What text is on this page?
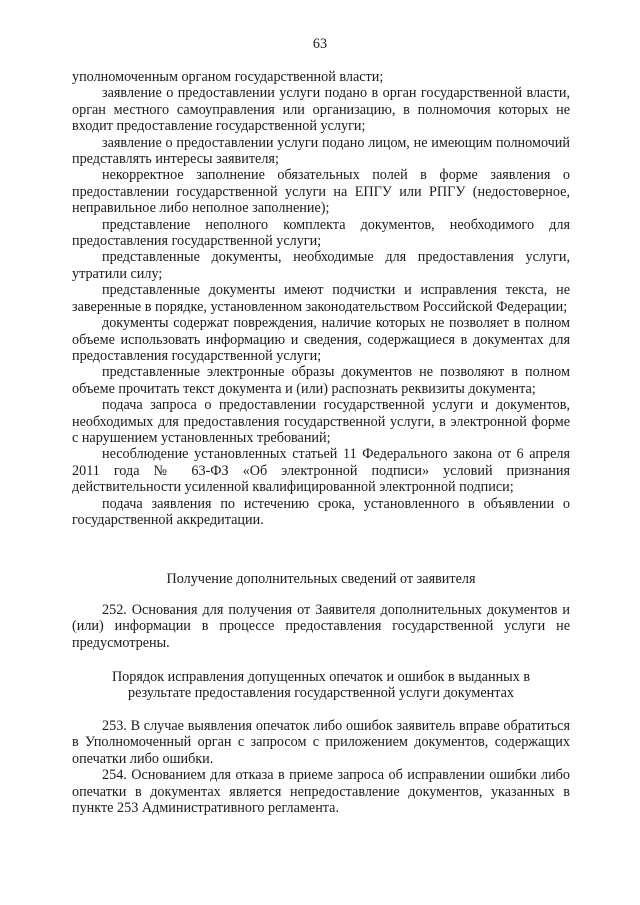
63

уполномоченным органом государственной власти;

заявление о предоставлении услуги подано в орган государственной власти, орган местного самоуправления или организацию, в полномочия которых не входит предоставление государственной услуги;

заявление о предоставлении услуги подано лицом, не имеющим полномочий представлять интересы заявителя;

некорректное заполнение обязательных полей в форме заявления о предоставлении государственной услуги на ЕПГУ или РПГУ (недостоверное, неправильное либо неполное заполнение);

представление неполного комплекта документов, необходимого для предоставления государственной услуги;

представленные документы, необходимые для предоставления услуги, утратили силу;

представленные документы имеют подчистки и исправления текста, не заверенные в порядке, установленном законодательством Российской Федерации;

документы содержат повреждения, наличие которых не позволяет в полном объеме использовать информацию и сведения, содержащиеся в документах для предоставления государственной услуги;

представленные электронные образы документов не позволяют в полном объеме прочитать текст документа и (или) распознать реквизиты документа;

подача запроса о предоставлении государственной услуги и документов, необходимых для предоставления государственной услуги, в электронной форме с нарушением установленных требований;

несоблюдение установленных статьей 11 Федерального закона от 6 апреля 2011 года № 63-ФЗ «Об электронной подписи» условий признания действительности усиленной квалифицированной электронной подписи;

подача заявления по истечению срока, установленного в объявлении о государственной аккредитации.

Получение дополнительных сведений от заявителя

252. Основания для получения от Заявителя дополнительных документов и (или) информации в процессе предоставления государственной услуги не предусмотрены.

Порядок исправления допущенных опечаток и ошибок в выданных в
результате предоставления государственной услуги документах

253. В случае выявления опечаток либо ошибок заявитель вправе обратиться в Уполномоченный орган с запросом с приложением документов, содержащих опечатки либо ошибки.

254. Основанием для отказа в приеме запроса об исправлении ошибки либо опечатки в документах является непредоставление документов, указанных в пункте 253 Административного регламента.
